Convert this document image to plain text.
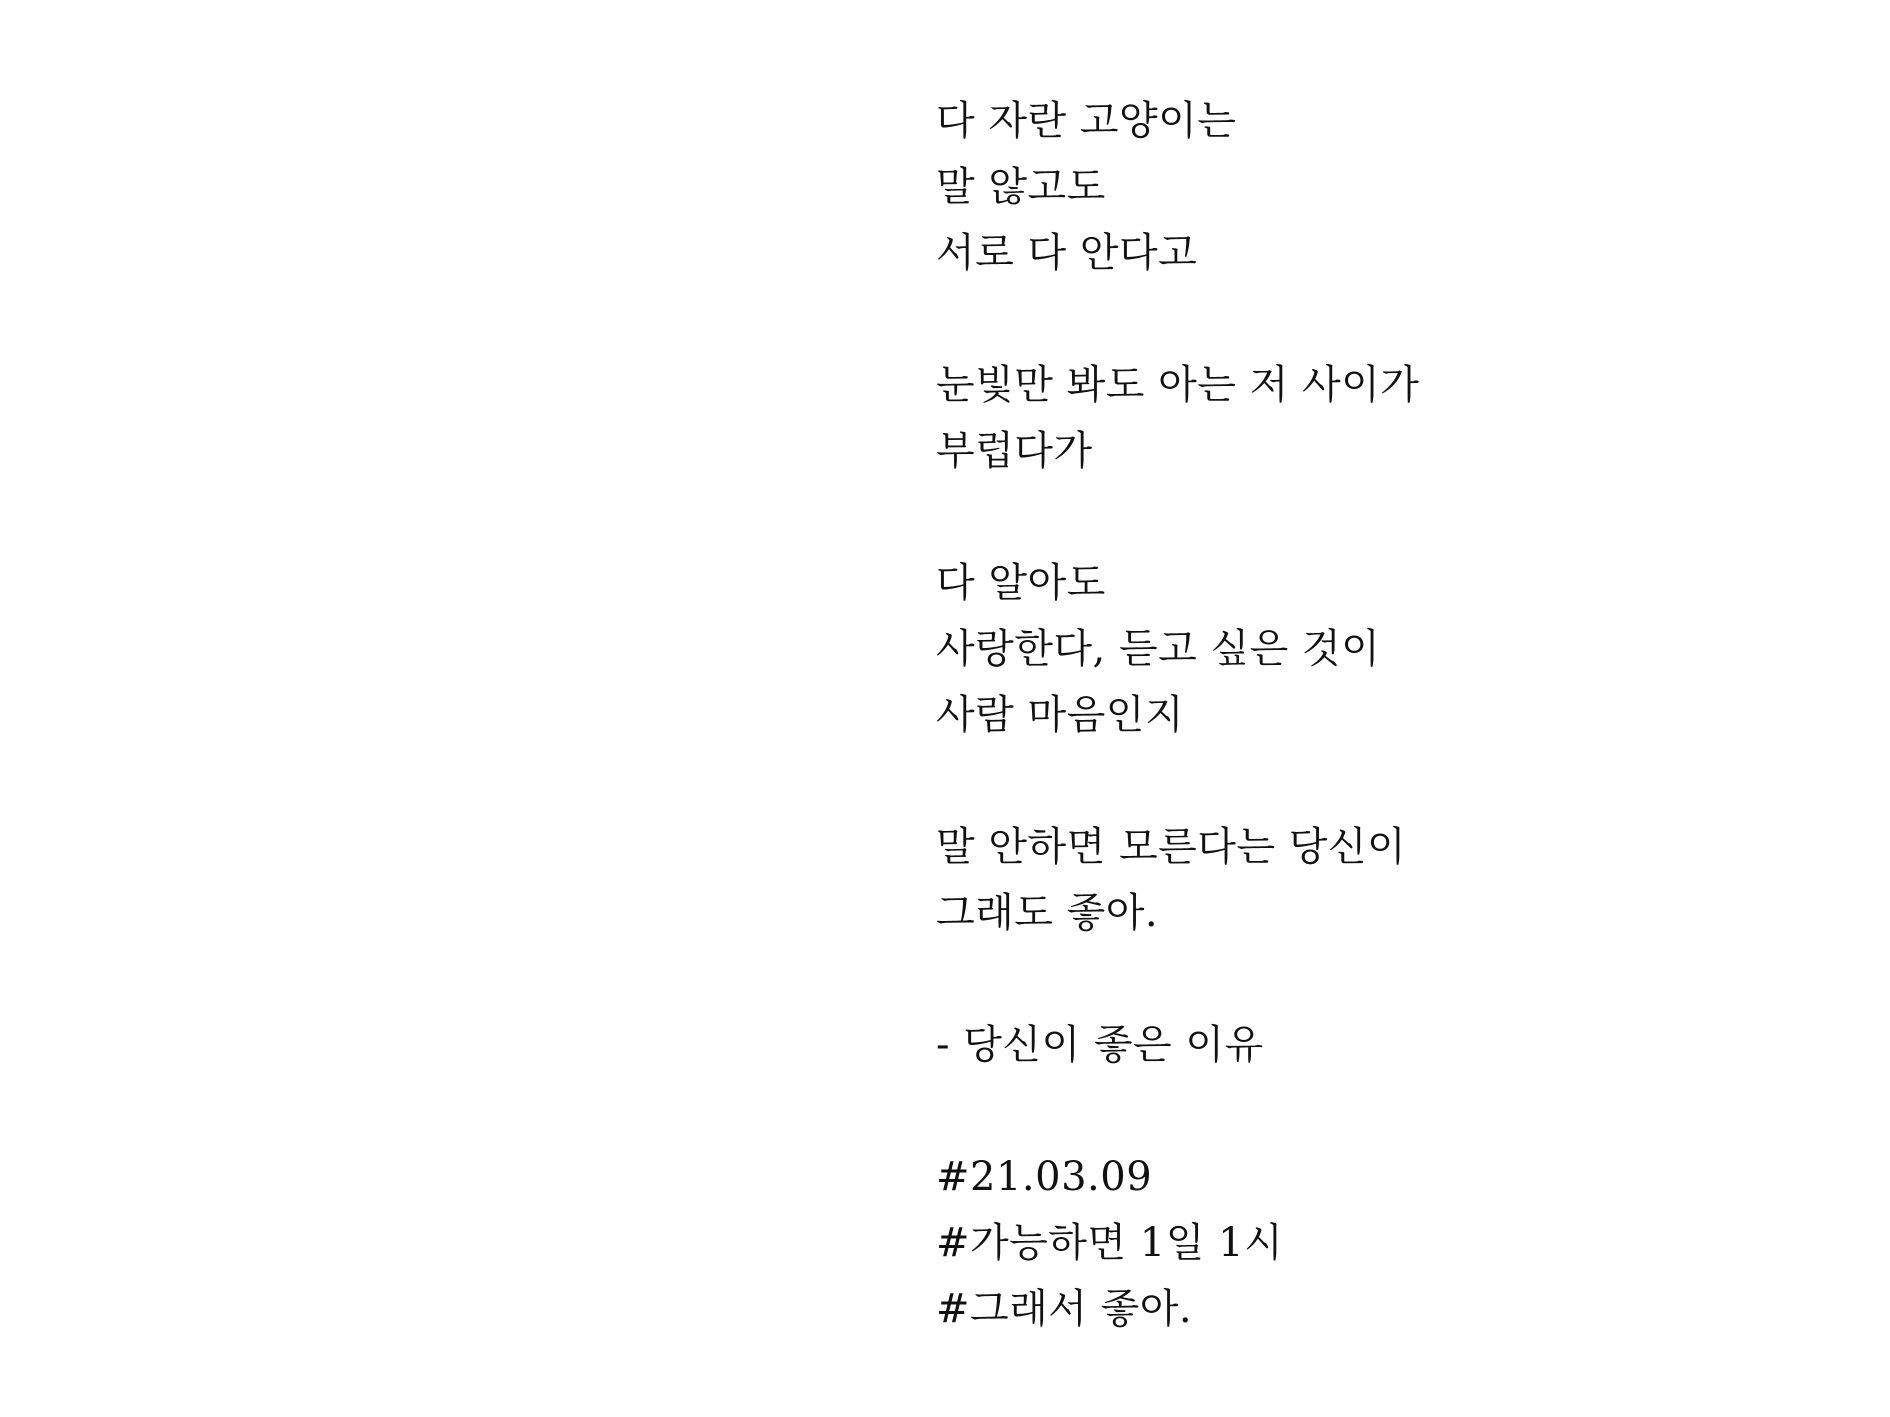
다 자란 고양이는
말 않고도
서로 다 안다고
눈빛만 봐도 아는 저 사이가
부럽다가
다 알아도
사랑한다, 듣고 싶은 것이
사람 마음인지
말 안하면 모른다는 당신이
그래도 좋아.
- 당신이 좋은 이유
#21.03.09
#가능하면 1일 1시
#그래서 좋아.
